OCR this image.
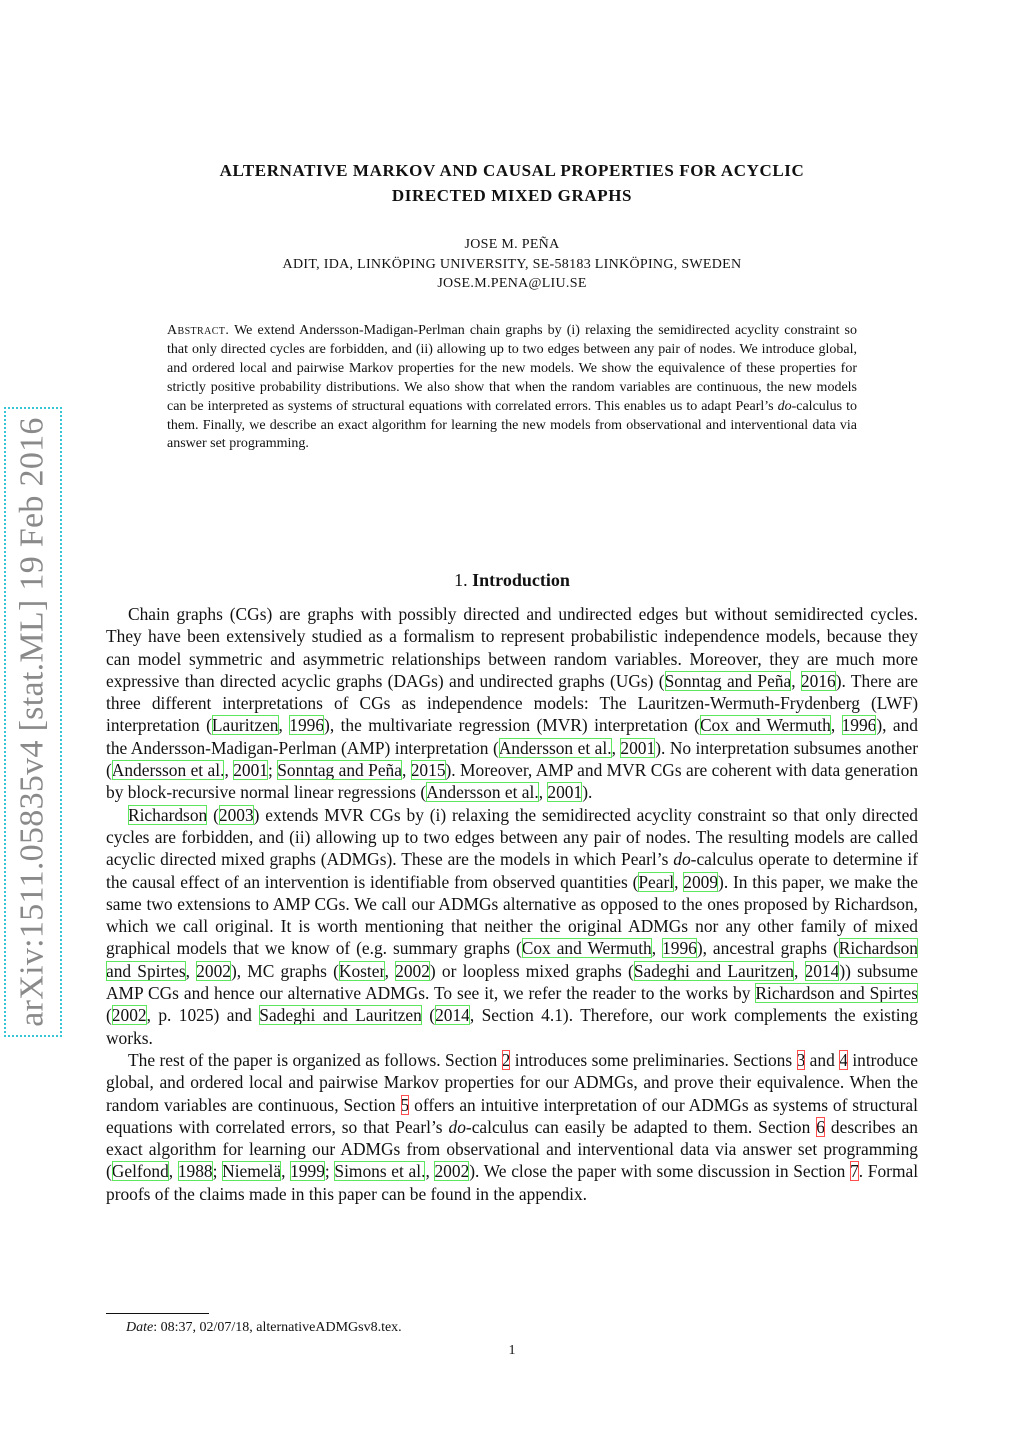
arXiv:1511.05835v4 [stat.ML] 19 Feb 2016
ALTERNATIVE MARKOV AND CAUSAL PROPERTIES FOR ACYCLIC
DIRECTED MIXED GRAPHS
JOSE M. PEÑA
ADIT, IDA, LINKÖPING UNIVERSITY, SE-58183 LINKÖPING, SWEDEN
JOSE.M.PENA@LIU.SE
Abstract. We extend Andersson-Madigan-Perlman chain graphs by (i) relaxing the semidirected acyclity constraint so that only directed cycles are forbidden, and (ii) allowing up to two edges between any pair of nodes. We introduce global, and ordered local and pairwise Markov properties for the new models. We show the equivalence of these properties for strictly positive probability distributions. We also show that when the random variables are continuous, the new models can be interpreted as systems of structural equations with correlated errors. This enables us to adapt Pearl’s do-calculus to them. Finally, we describe an exact algorithm for learning the new models from observational and interventional data via answer set programming.
1. Introduction

Chain graphs (CGs) are graphs with possibly directed and undirected edges but without semidirected cycles. They have been extensively studied as a formalism to represent probabilistic independence models, because they can model symmetric and asymmetric relationships between random variables. Moreover, they are much more expressive than directed acyclic graphs (DAGs) and undirected graphs (UGs) (Sonntag and Peña, 2016). There are three different interpretations of CGs as independence models: The Lauritzen-Wermuth-Frydenberg (LWF) interpretation (Lauritzen, 1996), the multivariate regression (MVR) interpretation (Cox and Wermuth, 1996), and the Andersson-Madigan-Perlman (AMP) interpretation (Andersson et al., 2001). No interpretation subsumes another (Andersson et al., 2001; Sonntag and Peña, 2015). Moreover, AMP and MVR CGs are coherent with data generation by block-recursive normal linear regressions (Andersson et al., 2001).

Richardson (2003) extends MVR CGs by (i) relaxing the semidirected acyclity constraint so that only directed cycles are forbidden, and (ii) allowing up to two edges between any pair of nodes. The resulting models are called acyclic directed mixed graphs (ADMGs). These are the models in which Pearl’s do-calculus operate to determine if the causal effect of an intervention is identifiable from observed quantities (Pearl, 2009). In this paper, we make the same two extensions to AMP CGs. We call our ADMGs alternative as opposed to the ones proposed by Richardson, which we call original. It is worth mentioning that neither the original ADMGs nor any other family of mixed graphical models that we know of (e.g. summary graphs (Cox and Wermuth, 1996), ancestral graphs (Richardson and Spirtes, 2002), MC graphs (Koster, 2002) or loopless mixed graphs (Sadeghi and Lauritzen, 2014)) subsume AMP CGs and hence our alternative ADMGs. To see it, we refer the reader to the works by Richardson and Spirtes (2002, p. 1025) and Sadeghi and Lauritzen (2014, Section 4.1). Therefore, our work complements the existing works.

The rest of the paper is organized as follows. Section 2 introduces some preliminaries. Sections 3 and 4 introduce global, and ordered local and pairwise Markov properties for our ADMGs, and prove their equivalence. When the random variables are continuous, Section 5 offers an intuitive interpretation of our ADMGs as systems of structural equations with correlated errors, so that Pearl’s do-calculus can easily be adapted to them. Section 6 describes an exact algorithm for learning our ADMGs from observational and interventional data via answer set programming (Gelfond, 1988; Niemelä, 1999; Simons et al., 2002). We close the paper with some discussion in Section 7. Formal proofs of the claims made in this paper can be found in the appendix.

Date: 08:37, 02/07/18, alternativeADMGsv8.tex.
1
